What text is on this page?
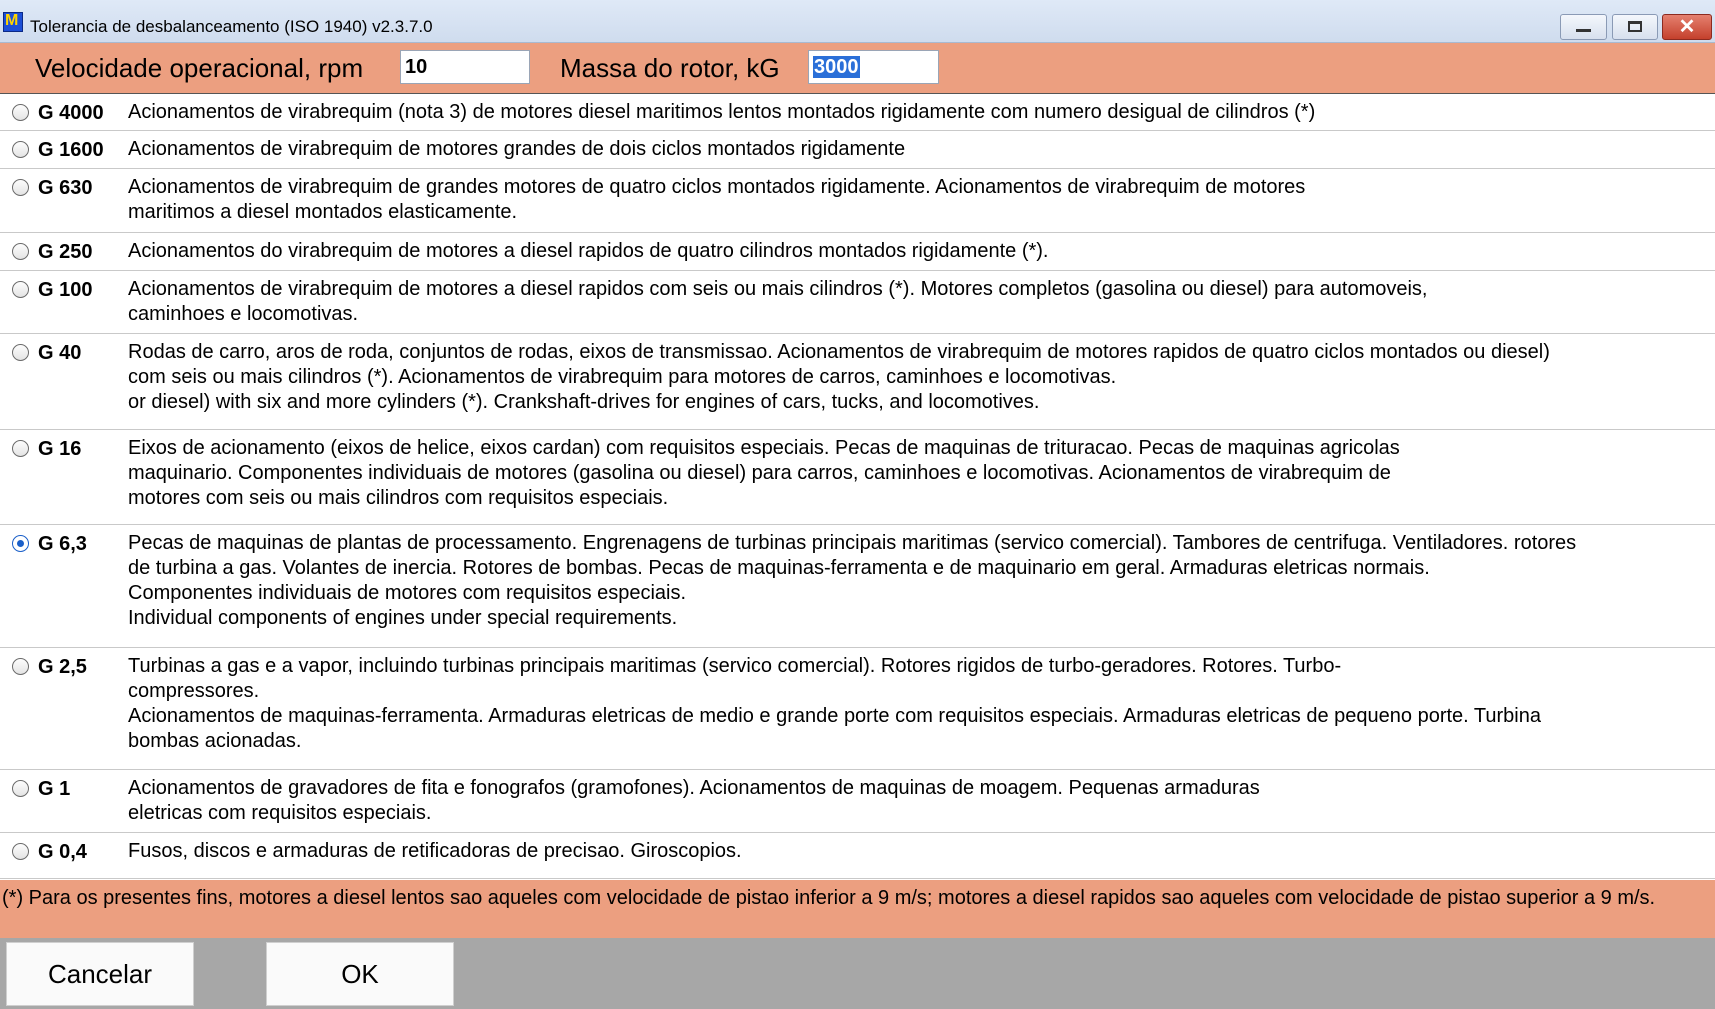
M Tolerancia de desbalanceamento (ISO 1940) v2.3.7.0	✕
Velocidade operacional, rpm 10	Massa do rotor, kG	3000
G 4000 Acionamentos de virabrequim (nota 3) de motores diesel maritimos lentos montados rigidamente com numero desigual de cilindros (*)
G 1600 Acionamentos de virabrequim de motores grandes de dois ciclos montados rigidamente
G 630 Acionamentos de virabrequim de grandes motores de quatro ciclos montados rigidamente. Acionamentos de virabrequim de motores
maritimos a diesel montados elasticamente.
G 250 Acionamentos do virabrequim de motores a diesel rapidos de quatro cilindros montados rigidamente (*).
G 100 Acionamentos de virabrequim de motores a diesel rapidos com seis ou mais cilindros (*). Motores completos (gasolina ou diesel) para automoveis,
caminhoes e locomotivas.
G 40 Rodas de carro, aros de roda, conjuntos de rodas, eixos de transmissao. Acionamentos de virabrequim de motores rapidos de quatro ciclos montados ou diesel)
com seis ou mais cilindros (*). Acionamentos de virabrequim para motores de carros, caminhoes e locomotivas.
or diesel) with six and more cylinders (*). Crankshaft-drives for engines of cars, tucks, and locomotives.
G 16 Eixos de acionamento (eixos de helice, eixos cardan) com requisitos especiais. Pecas de maquinas de trituracao. Pecas de maquinas agricolas
maquinario. Componentes individuais de motores (gasolina ou diesel) para carros, caminhoes e locomotivas. Acionamentos de virabrequim de
motores com seis ou mais cilindros com requisitos especiais.
G 6,3 Pecas de maquinas de plantas de processamento. Engrenagens de turbinas principais maritimas (servico comercial). Tambores de centrifuga. Ventiladores. rotores
de turbina a gas. Volantes de inercia. Rotores de bombas. Pecas de maquinas-ferramenta e de maquinario em geral. Armaduras eletricas normais.
Componentes individuais de motores com requisitos especiais.
Individual components of engines under special requirements.
G 2,5 Turbinas a gas e a vapor, incluindo turbinas principais maritimas (servico comercial). Rotores rigidos de turbo-geradores. Rotores. Turbo-
compressores.
Acionamentos de maquinas-ferramenta. Armaduras eletricas de medio e grande porte com requisitos especiais. Armaduras eletricas de pequeno porte. Turbina
bombas acionadas.
G 1	Acionamentos de gravadores de fita e fonografos (gramofones). Acionamentos de maquinas de moagem. Pequenas armaduras
eletricas com requisitos especiais.
G 0,4 Fusos, discos e armaduras de retificadoras de precisao. Giroscopios.
(*) Para os presentes fins, motores a diesel lentos sao aqueles com velocidade de pistao inferior a 9 m/s; motores a diesel rapidos sao aqueles com velocidade de pistao superior a 9 m/s.
Cancelar	OK
